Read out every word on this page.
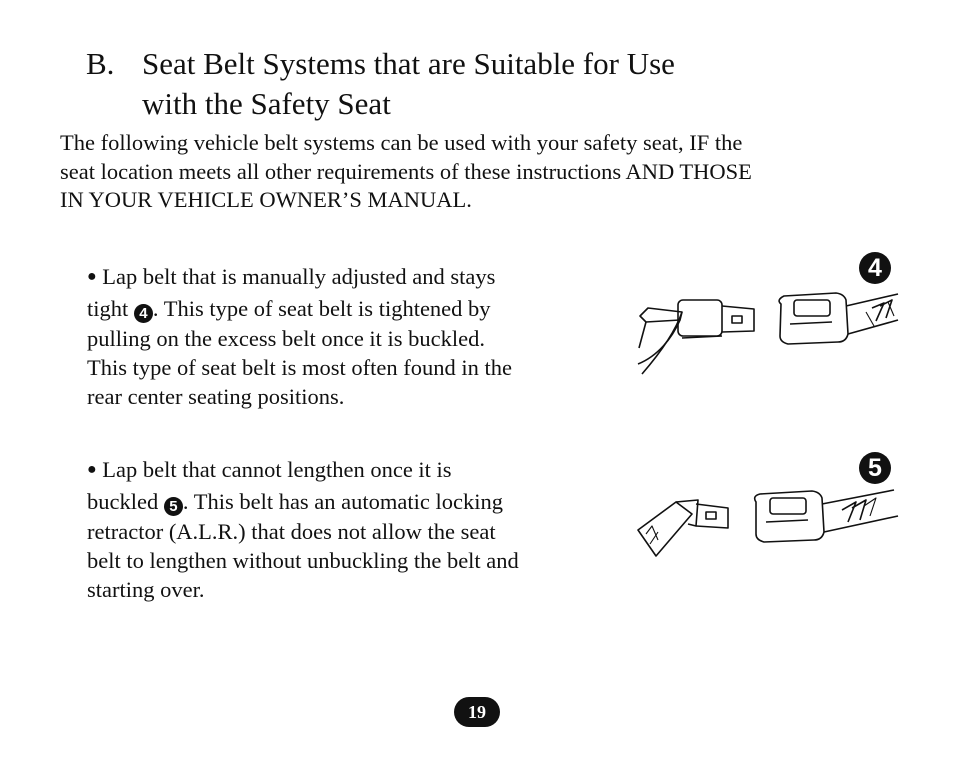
B. Seat Belt Systems that are Suitable for Use
with the Safety Seat
The following vehicle belt systems can be used with your safety seat, IF the
seat location meets all other requirements of these instructions AND THOSE
IN YOUR VEHICLE OWNER’S MANUAL.
● Lap belt that is manually adjusted and stays
tight 4 . This type of seat belt is tightened by
pulling on the excess belt once it is buckled.
This type of seat belt is most often found in the
rear center seating positions.
4
● Lap belt that cannot lengthen once it is
buckled 5 . This belt has an automatic locking
retractor (A.L.R.) that does not allow the seat
belt to lengthen without unbuckling the belt and
starting over.
5
19
